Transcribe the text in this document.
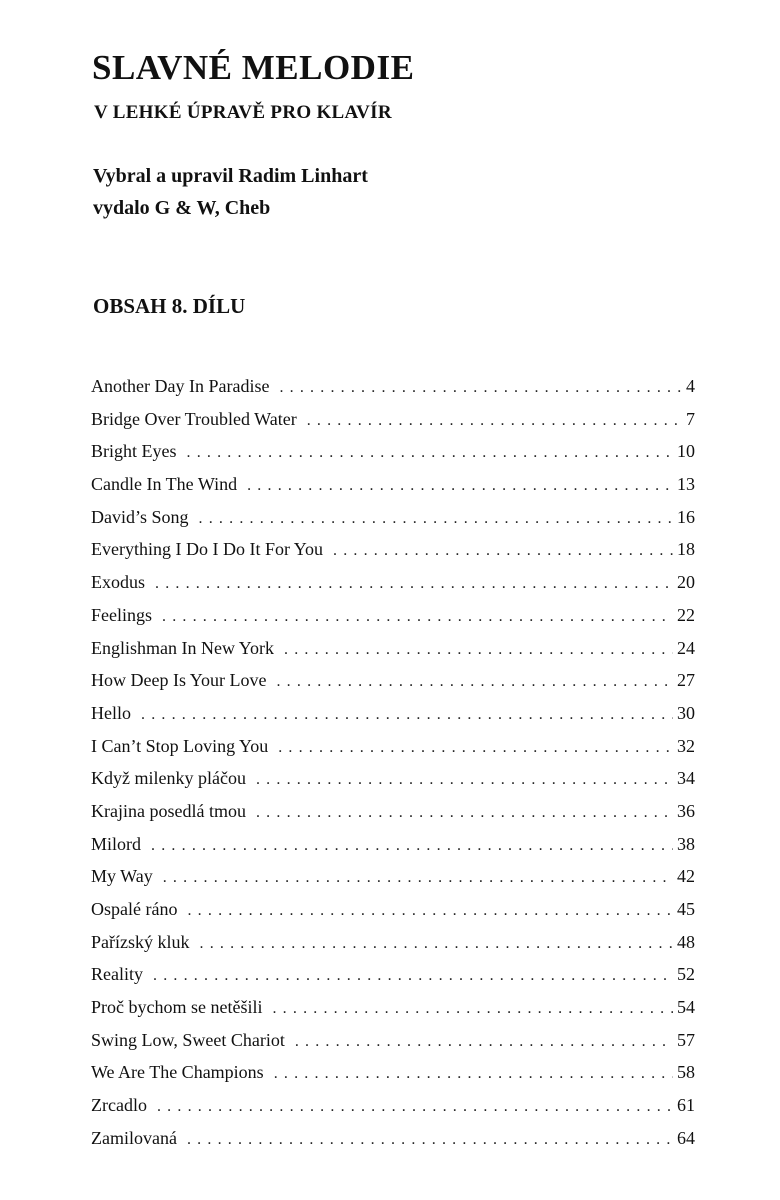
SLAVNÉ MELODIE
V LEHKÉ ÚPRAVĚ PRO KLAVÍR

Vybral a upravil Radim Linhart

vydalo G & W, Cheb

OBSAH 8. DÍLU
Another Day In Paradise . . .	4
Bridge Over Troubled Water . . .	7
Bright Eyes . . .	10
Candle In The Wind . . .	13
David’s Song . . .	16
Everything I Do I Do It For You . . .	18
Exodus . . .	20
Feelings . . .	22
Englishman In New York . . .	24
How Deep Is Your Love . . .	27
Hello . . .	30
I Can’t Stop Loving You . . .	32
Když milenky pláčou . . .	34
Krajina posedlá tmou . . .	36
Milord . . .	38
My Way . . .	42
Ospalé ráno . . .	45
Pařízský kluk . . .	48
Reality . . .	52
Proč bychom se netěšili . . .	54
Swing Low, Sweet Chariot . . .	57
We Are The Champions . . .	58
Zrcadlo . . .	61
Zamilovaná . . .	64
